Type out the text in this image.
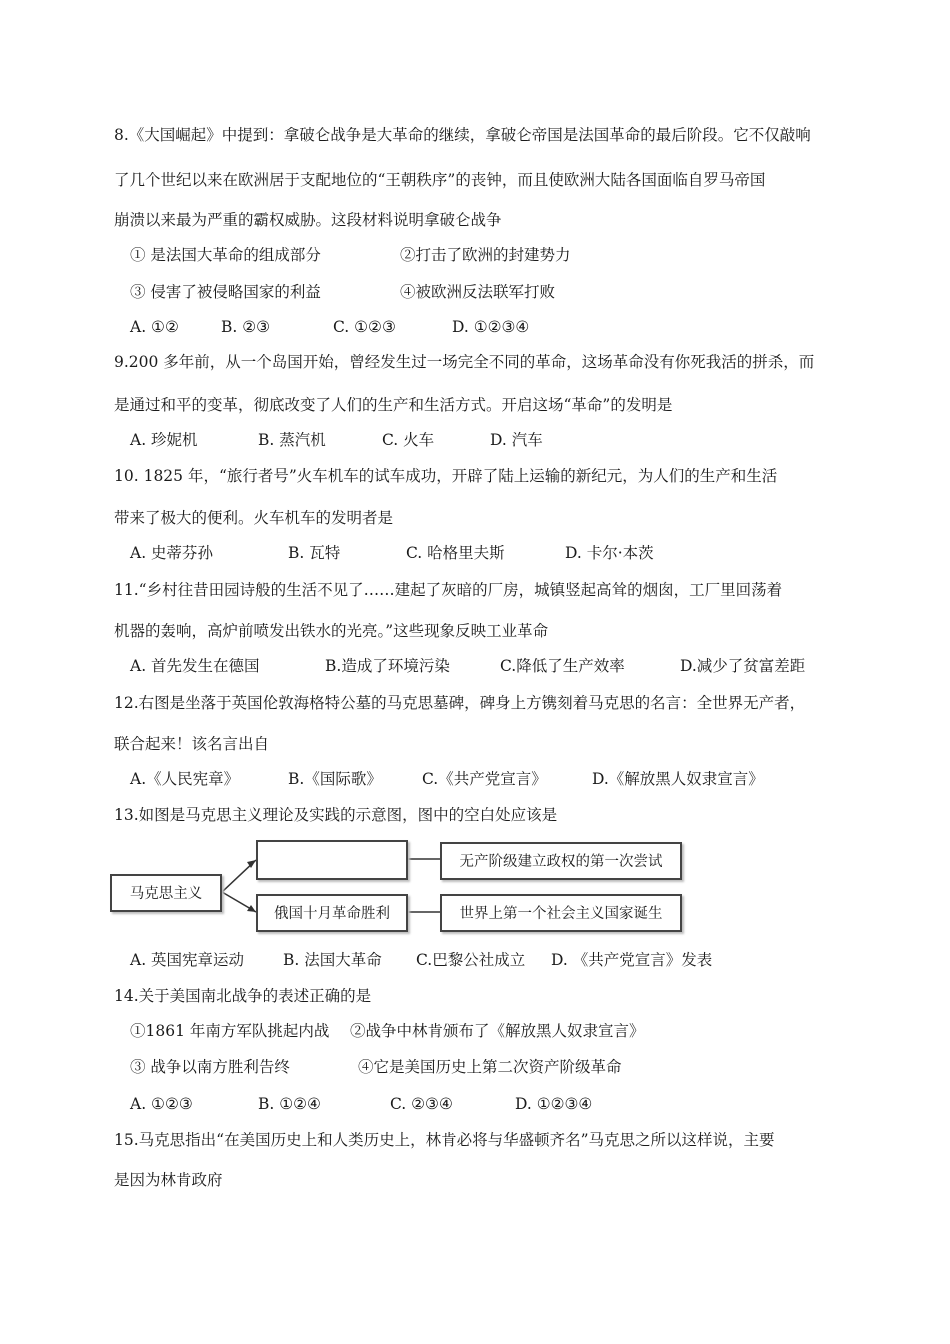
8.《大国崛起》中提到：拿破仑战争是大革命的继续，拿破仑帝国是法国革命的最后阶段。它不仅敲响
了几个世纪以来在欧洲居于支配地位的“王朝秩序”的丧钟，而且使欧洲大陆各国面临自罗马帝国
崩溃以来最为严重的霸权威胁。这段材料说明拿破仑战争
① 是法国大革命的组成部分	②打击了欧洲的封建势力
③ 侵害了被侵略国家的利益	④被欧洲反法联军打败
A. ①②	B. ②③	C. ①②③	D. ①②③④
9.200 多年前，从一个岛国开始，曾经发生过一场完全不同的革命，这场革命没有你死我活的拼杀，而
是通过和平的变革，彻底改变了人们的生产和生活方式。开启这场“革命”的发明是
A. 珍妮机	B. 蒸汽机	C. 火车	D. 汽车
10. 1825 年，“旅行者号”火车机车的试车成功，开辟了陆上运输的新纪元，为人们的生产和生活
带来了极大的便利。火车机车的发明者是
A. 史蒂芬孙	B. 瓦特	C. 哈格里夫斯	D. 卡尔·本茨
11.“乡村往昔田园诗般的生活不见了……建起了灰暗的厂房，城镇竖起高耸的烟囱，工厂里回荡着
机器的轰响，高炉前喷发出铁水的光亮。”这些现象反映工业革命
A. 首先发生在德国	B.造成了环境污染	C.降低了生产效率	D.减少了贫富差距
12.右图是坐落于英国伦敦海格特公墓的马克思墓碑，碑身上方镌刻着马克思的名言：全世界无产者，
联合起来！该名言出自
A.《人民宪章》	B.《国际歌》	C.《共产党宣言》	D.《解放黑人奴隶宣言》
13.如图是马克思主义理论及实践的示意图，图中的空白处应该是
马克思主义
俄国十月革命胜利
无产阶级建立政权的第一次尝试
世界上第一个社会主义国家诞生
A. 英国宪章运动	B. 法国大革命 C.巴黎公社成立 D. 《共产党宣言》发表
14.关于美国南北战争的表述正确的是
①1861 年南方军队挑起内战 ②战争中林肯颁布了《解放黑人奴隶宣言》
③ 战争以南方胜利告终	④它是美国历史上第二次资产阶级革命
A. ①②③	B. ①②④	C. ②③④	D. ①②③④
15.马克思指出“在美国历史上和人类历史上，林肯必将与华盛顿齐名”马克思之所以这样说，主要
是因为林肯政府
